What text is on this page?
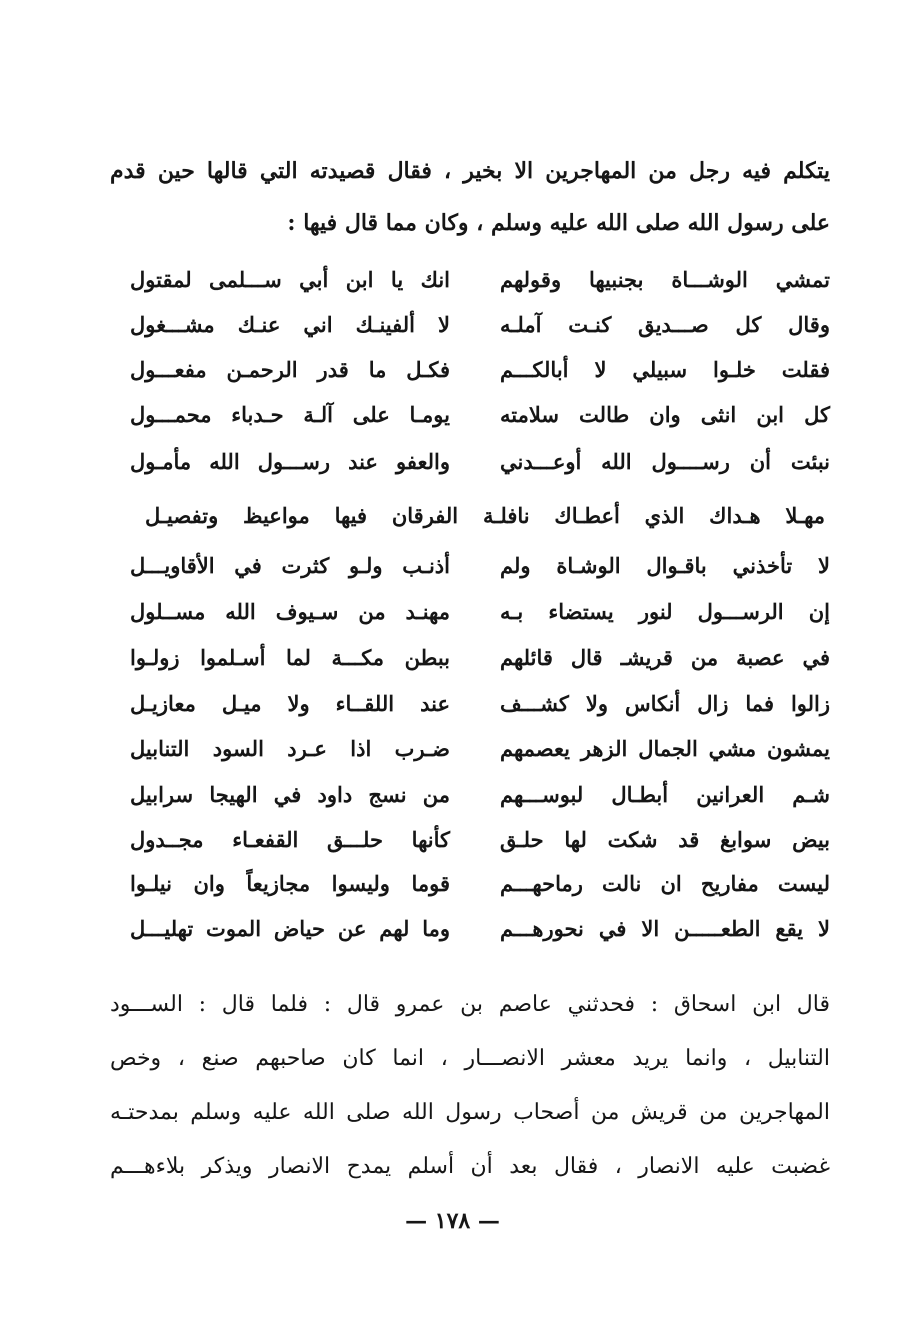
يتكلم فيه رجل من المهاجرين الا بخير ، فقال قصيدته التي قالها حين قدم
على رسول الله صلى الله عليه وسلم ، وكان مما قال فيها :
تمشي الوشـــاة بجنبيها وقولهم
انك يا ابن أبي ســـلمى لمقتول
وقال كل صـــديق كنـت آملـه
لا ألفينـك اني عنـك مشـــغول
فقلت خلـوا سبيلي لا أبالكـــم
فكـل ما قدر الرحمـن مفعـــول
كل ابن انثى وان طالت سلامته
يومـا على آلـة حـدباء محمـــول
نبئت أن رســــول الله أوعـــدني
والعفو عند رســـول الله مأمـول
مهـلا هـداك الذي أعطـاك نافلـة الفرقان فيها مواعيظ وتفصيـل
لا تأخذني باقـوال الوشـاة ولم
أذنـب ولـو كثرت في الأقاويـــل
إن الرســـول لنور يستضاء بـه
مهنـد من سـيوف الله مســلول
في عصبة من قريشـ قال قائلهم
ببطن مكـــة لما أسـلموا زولـوا
زالوا فما زال أنكاس ولا كشـــف
عند اللقــاء ولا ميـل معازيـل
يمشون مشي الجمال الزهر يعصمهم
ضـرب اذا عـرد السود التنابيل
شـم العرانين أبطـال لبوســـهم
من نسج داود في الهيجا سرابيل
بيض سوابغ قد شكت لها حلـق
كأنها حلـــق القفعـاء مجــدول
ليست مفاريح ان نالت رماحهـــم
قوما وليسوا مجازيعاً وان نيلـوا
لا يقع الطعـــــن الا في نحورهـــم
وما لهم عن حياض الموت تهليـــل
قال ابن اسحاق : فحدثني عاصم بن عمرو قال : فلما قال : الســـود
التنابيل ، وانما يريد معشر الانصـــار ، انما كان صاحبهم صنع ، وخص
المهاجرين من قريش من أصحاب رسول الله صلى الله عليه وسلم بمدحتـه
غضبت عليه الانصار ، فقال بعد أن أسلم يمدح الانصار ويذكر بلاءهـــم
— ١٧٨ —
